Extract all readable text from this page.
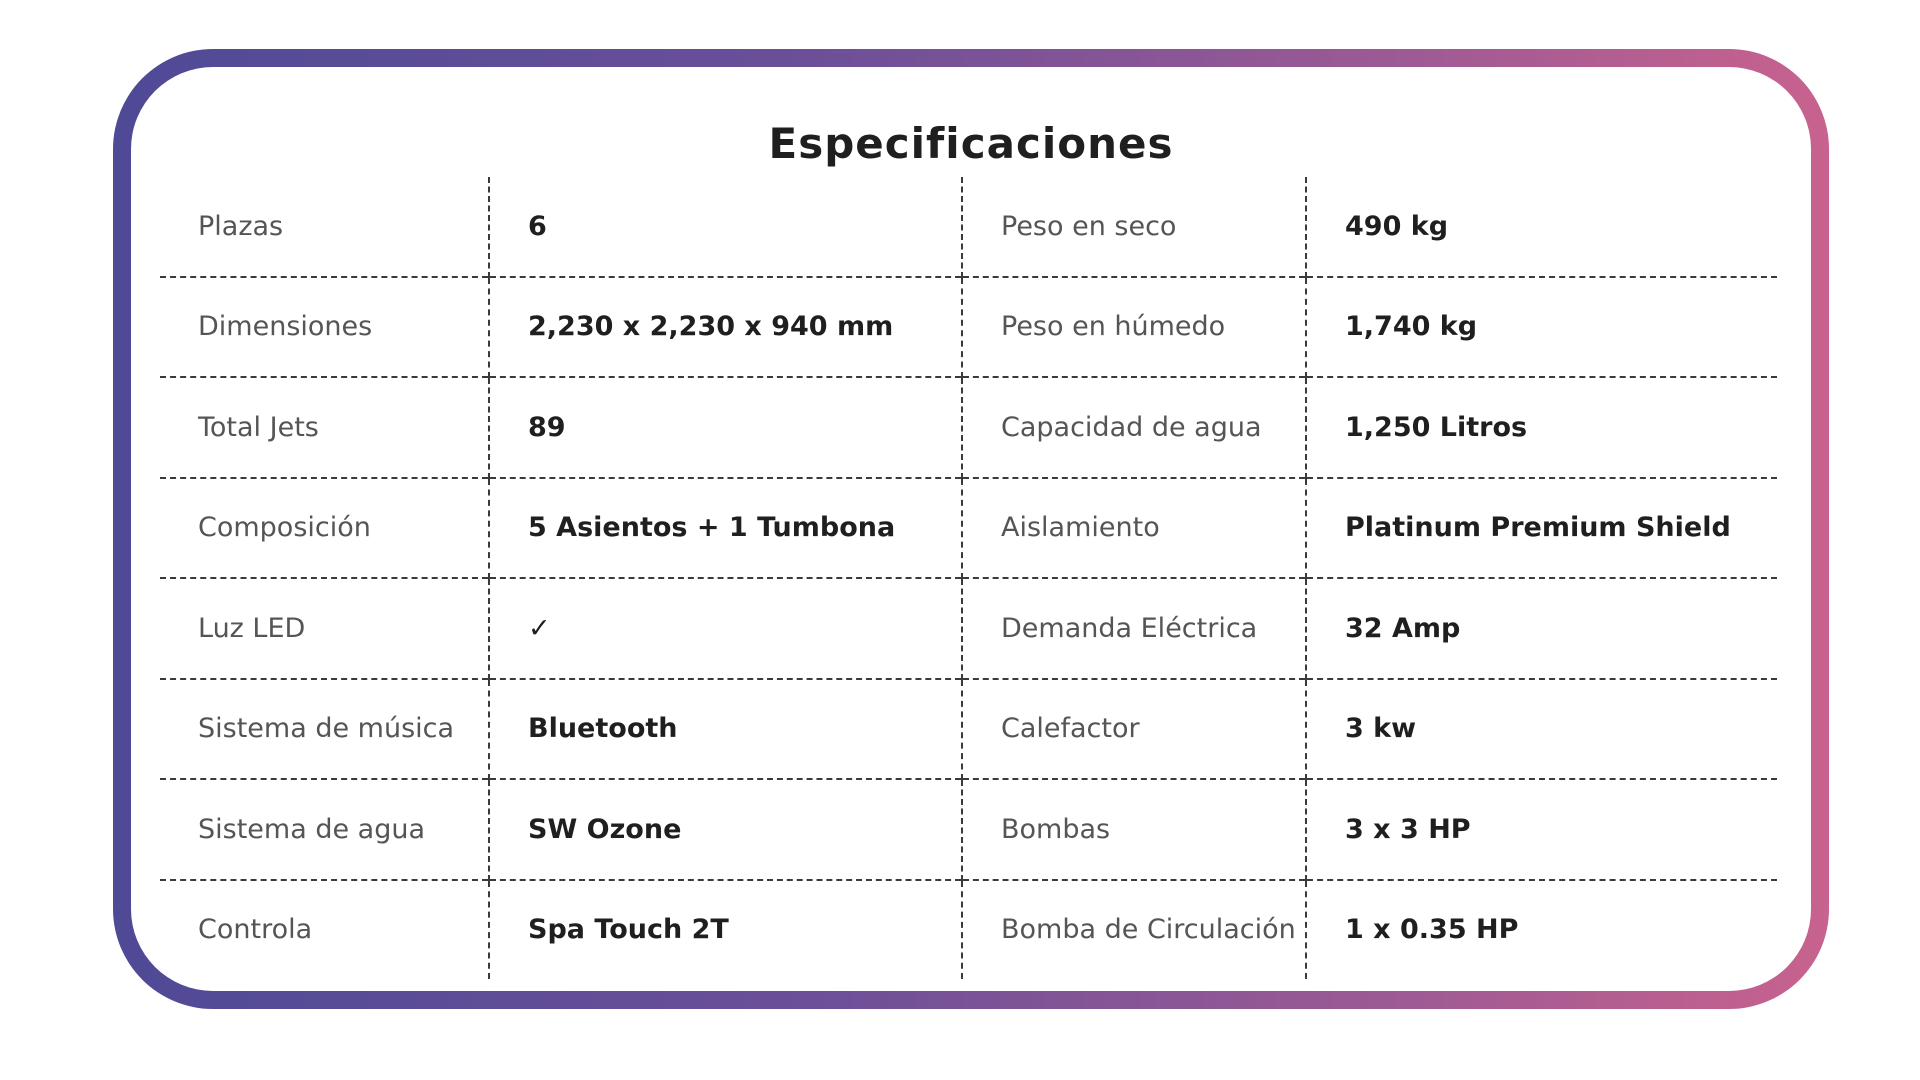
Especificaciones
Plazas	6	Peso en seco	490 kg
Dimensiones	2,230 x 2,230 x 940 mm	Peso en húmedo	1,740 kg
Total Jets	89	Capacidad de agua	1,250 Litros
Composición	5 Asientos + 1 Tumbona	Aislamiento	Platinum Premium Shield
Luz LED	✓	Demanda Eléctrica	32 Amp
Sistema de música	Bluetooth	Calefactor	3 kw
Sistema de agua	SW Ozone	Bombas	3 x 3 HP
Controla	Spa Touch 2T	Bomba de Circulación	1 x 0.35 HP
